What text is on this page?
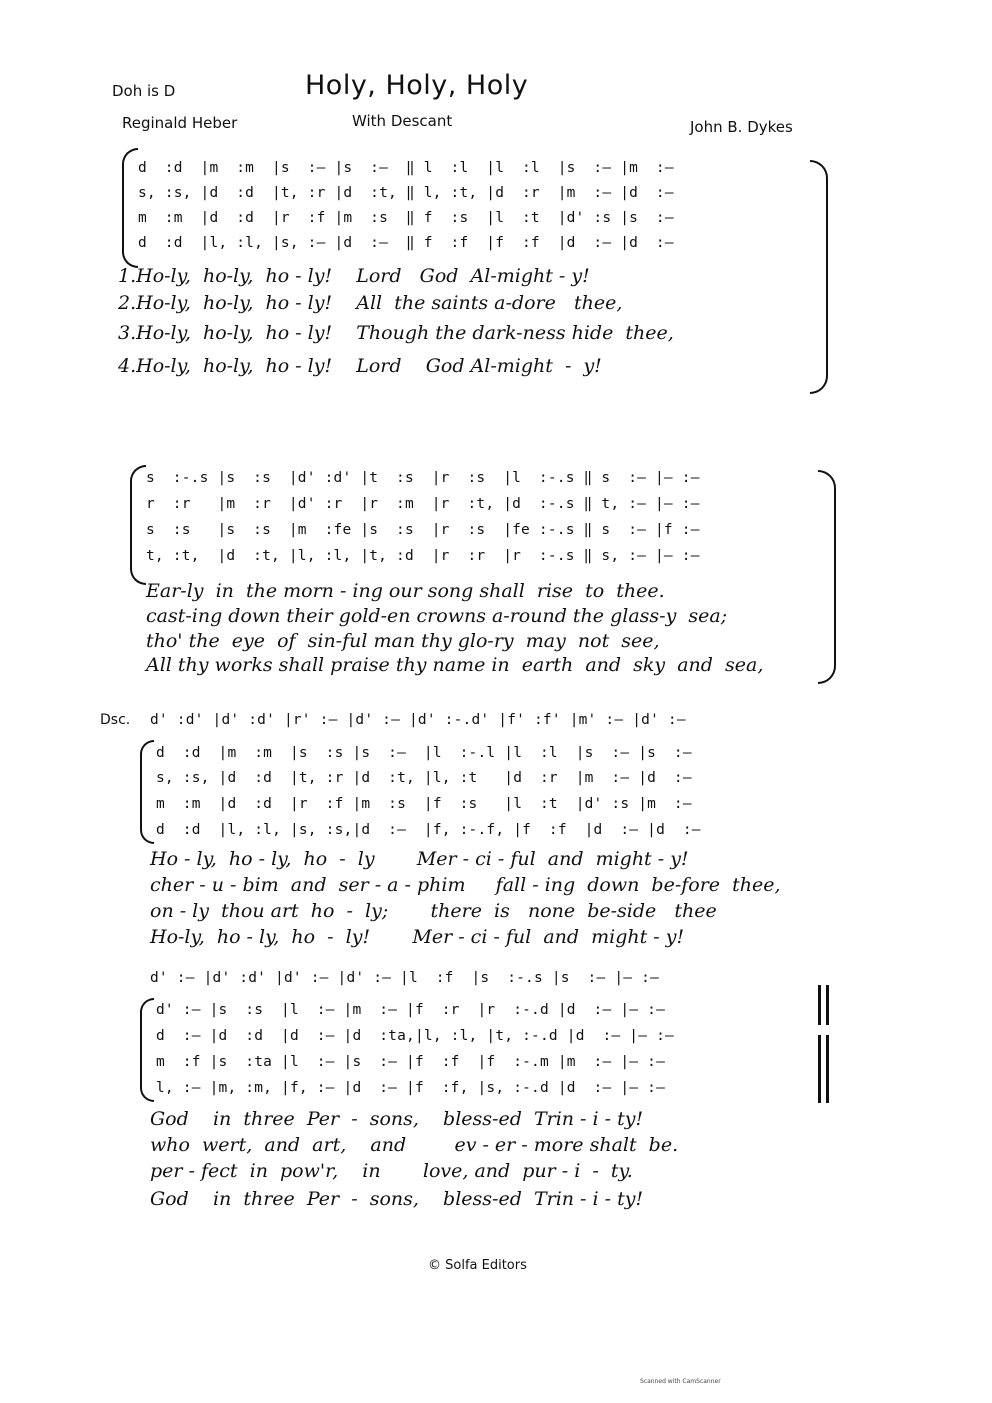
Doh is D	Holy, Holy, Holy
With Descant
Reginald Heber	John B. Dykes
d  :d  |m  :m  |s  :— |s  :—  ‖ l  :l  |l  :l  |s  :— |m  :—
s, :s, |d  :d  |t, :r |d  :t, ‖ l, :t, |d  :r  |m  :— |d  :—
m  :m  |d  :d  |r  :f |m  :s  ‖ f  :s  |l  :t  |d' :s |s  :—
d  :d  |l, :l, |s, :— |d  :—  ‖ f  :f  |f  :f  |d  :— |d  :—
1.Ho-ly,  ho-ly,  ho - ly!    Lord   God  Al-might - y!
2.Ho-ly,  ho-ly,  ho - ly!    All  the saints a-dore   thee,
3.Ho-ly,  ho-ly,  ho - ly!    Though the dark-ness hide  thee,
4.Ho-ly,  ho-ly,  ho - ly!    Lord    God Al-might  -  y!
s  :-.s |s  :s  |d' :d' |t  :s  |r  :s  |l  :-.s ‖ s  :— |— :—
r  :r   |m  :r  |d' :r  |r  :m  |r  :t, |d  :-.s ‖ t, :— |— :—
s  :s   |s  :s  |m  :fe |s  :s  |r  :s  |fe :-.s ‖ s  :— |f :—
t, :t,  |d  :t, |l, :l, |t, :d  |r  :r  |r  :-.s ‖ s, :— |— :—
Ear-ly  in  the morn - ing our song shall  rise  to  thee.
cast-ing down their gold-en crowns a-round the glass-y  sea;
tho' the  eye  of  sin-ful man thy glo-ry  may  not  see,
All thy works shall praise thy name in  earth  and  sky  and  sea,
Dsc. d' :d' |d' :d' |r' :— |d' :— |d' :-.d' |f' :f' |m' :— |d' :—
d  :d  |m  :m  |s  :s |s  :—  |l  :-.l |l  :l  |s  :— |s  :—
s, :s, |d  :d  |t, :r |d  :t, |l, :t   |d  :r  |m  :— |d  :—
m  :m  |d  :d  |r  :f |m  :s  |f  :s   |l  :t  |d' :s |m  :—
d  :d  |l, :l, |s, :s,|d  :—  |f, :-.f, |f  :f  |d  :— |d  :—
Ho - ly,  ho - ly,  ho  -  ly       Mer - ci - ful  and  might - y!
cher - u - bim  and  ser - a - phim     fall - ing  down  be-fore  thee,
on - ly  thou art  ho  -  ly;       there  is   none  be-side   thee
Ho-ly,  ho - ly,  ho  -  ly!       Mer - ci - ful  and  might - y!
d' :— |d' :d' |d' :— |d' :— |l  :f  |s  :-.s |s  :— |— :—
d' :— |s  :s  |l  :— |m  :— |f  :r  |r  :-.d |d  :— |— :—
d  :— |d  :d  |d  :— |d  :ta,|l, :l, |t, :-.d |d  :— |— :—
m  :f |s  :ta |l  :— |s  :— |f  :f  |f  :-.m |m  :— |— :—
l, :— |m, :m, |f, :— |d  :— |f  :f, |s, :-.d |d  :— |— :—
God    in  three  Per  -  sons,    bless-ed  Trin - i - ty!
who  wert,  and  art,    and        ev - er - more shalt  be.
per - fect  in  pow'r,    in       love, and  pur - i  -  ty.
God    in  three  Per  -  sons,    bless-ed  Trin - i - ty!
© Solfa Editors
Scanned with CamScanner
